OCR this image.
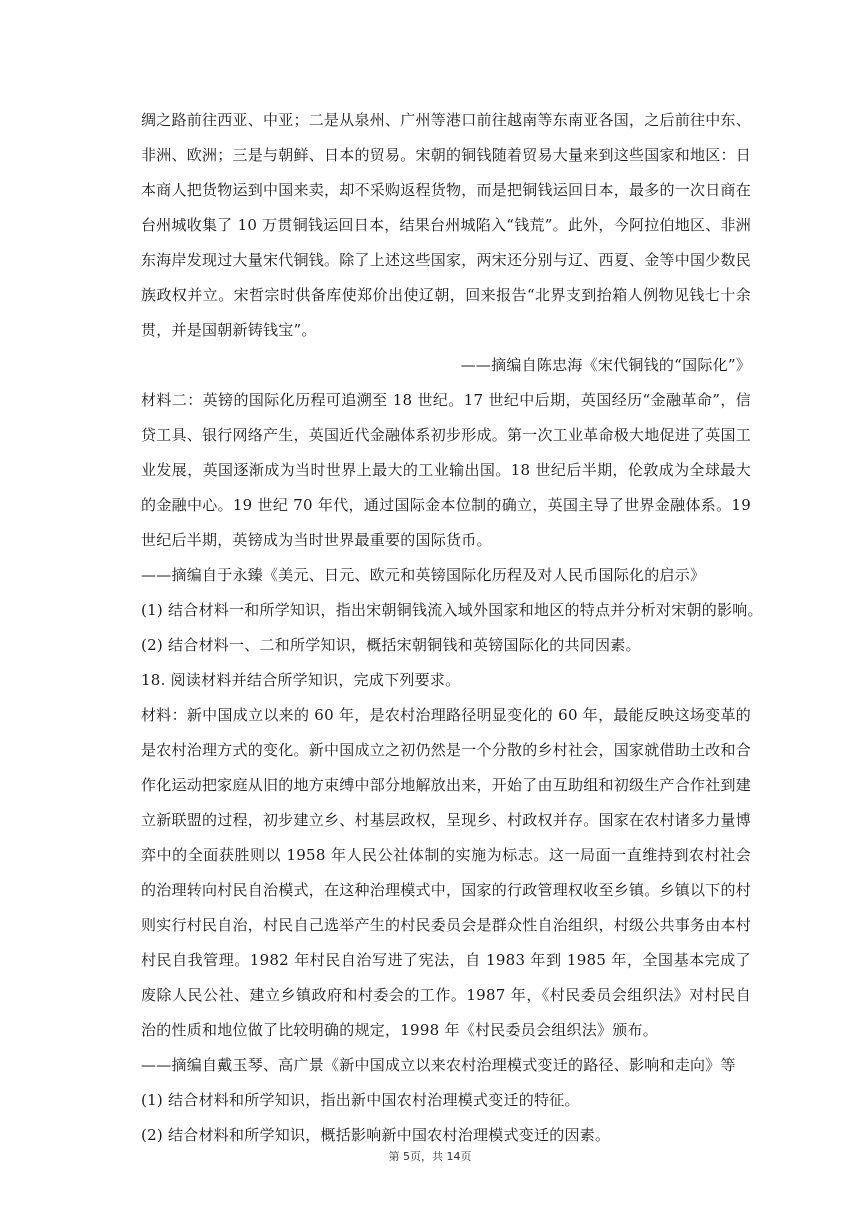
绸之路前往西亚、中亚；二是从泉州、广州等港口前往越南等东南亚各国，之后前往中东、非洲、欧洲；三是与朝鲜、日本的贸易。宋朝的铜钱随着贸易大量来到这些国家和地区：日本商人把货物运到中国来卖，却不采购返程货物，而是把铜钱运回日本，最多的一次日商在台州城收集了 10 万贯铜钱运回日本，结果台州城陷入“钱荒”。此外，今阿拉伯地区、非洲东海岸发现过大量宋代铜钱。除了上述这些国家，两宋还分别与辽、西夏、金等中国少数民族政权并立。宋哲宗时供备库使郑价出使辽朝，回来报告“北界支到抬箱人例物见钱七十余贯，并是国朝新铸钱宝”。

——摘编自陈忠海《宋代铜钱的“国际化”》

材料二：英镑的国际化历程可追溯至 18 世纪。17 世纪中后期，英国经历“金融革命”，信贷工具、银行网络产生，英国近代金融体系初步形成。第一次工业革命极大地促进了英国工业发展，英国逐渐成为当时世界上最大的工业输出国。18 世纪后半期，伦敦成为全球最大的金融中心。19 世纪 70 年代，通过国际金本位制的确立，英国主导了世界金融体系。19 世纪后半期，英镑成为当时世界最重要的国际货币。

——摘编自于永臻《美元、日元、欧元和英镑国际化历程及对人民币国际化的启示》

(1) 结合材料一和所学知识，指出宋朝铜钱流入域外国家和地区的特点并分析对宋朝的影响。

(2) 结合材料一、二和所学知识，概括宋朝铜钱和英镑国际化的共同因素。

18. 阅读材料并结合所学知识，完成下列要求。

材料：新中国成立以来的 60 年，是农村治理路径明显变化的 60 年，最能反映这场变革的是农村治理方式的变化。新中国成立之初仍然是一个分散的乡村社会，国家就借助土改和合作化运动把家庭从旧的地方束缚中部分地解放出来，开始了由互助组和初级生产合作社到建立新联盟的过程，初步建立乡、村基层政权，呈现乡、村政权并存。国家在农村诸多力量博弈中的全面获胜则以 1958 年人民公社体制的实施为标志。这一局面一直维持到农村社会的治理转向村民自治模式，在这种治理模式中，国家的行政管理权收至乡镇。乡镇以下的村则实行村民自治，村民自己选举产生的村民委员会是群众性自治组织，村级公共事务由本村村民自我管理。1982 年村民自治写进了宪法，自 1983 年到 1985 年，全国基本完成了废除人民公社、建立乡镇政府和村委会的工作。1987 年，《村民委员会组织法》对村民自治的性质和地位做了比较明确的规定，1998 年《村民委员会组织法》颁布。

——摘编自戴玉琴、高广景《新中国成立以来农村治理模式变迁的路径、影响和走向》等

(1) 结合材料和所学知识，指出新中国农村治理模式变迁的特征。

(2) 结合材料和所学知识，概括影响新中国农村治理模式变迁的因素。

第 5页，共 14页
